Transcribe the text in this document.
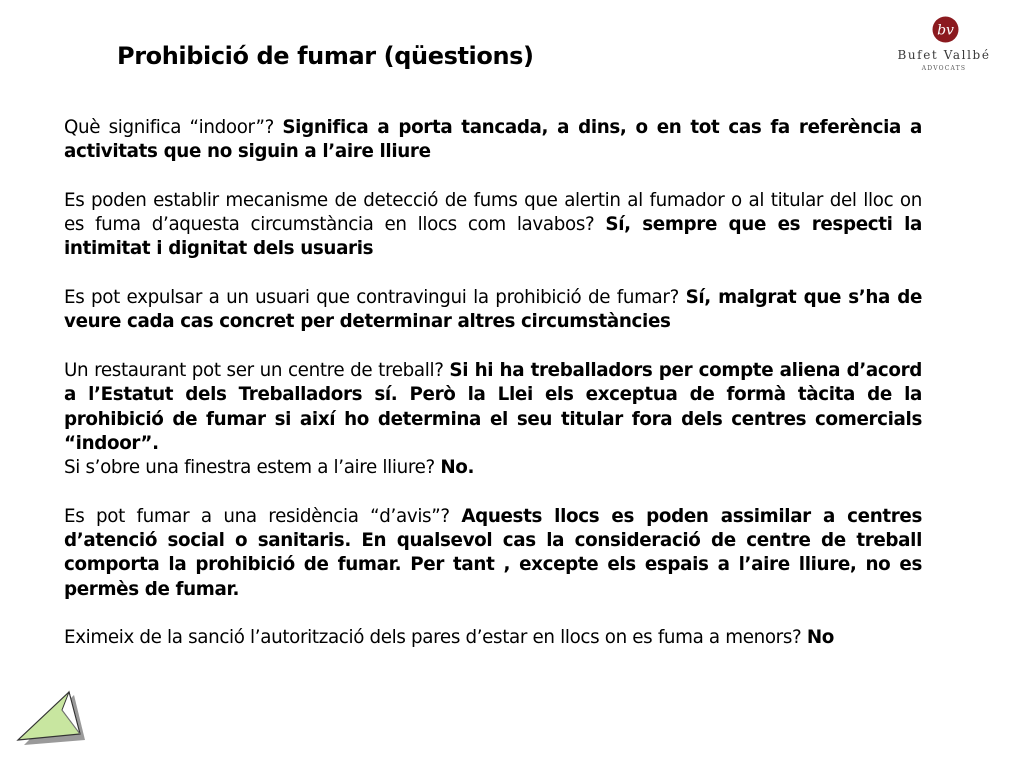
Prohibició de fumar (qüestions)
bv
Bufet Vallbé
ADVOCATS

Què significa “indoor”? Significa a porta tancada, a dins, o en tot cas fa referència a activitats que no siguin a l’aire lliure

Es poden establir mecanisme de detecció de fums que alertin al fumador o al titular del lloc on es fuma d’aquesta circumstància en llocs com lavabos? Sí, sempre que es respecti la intimitat i dignitat dels usuaris

Es pot expulsar a un usuari que contravingui la prohibició de fumar? Sí, malgrat que s’ha de veure cada cas concret per determinar altres circumstàncies

Un restaurant pot ser un centre de treball? Si hi ha treballadors per compte aliena d’acord a l’Estatut dels Treballadors sí. Però la Llei els exceptua de formà tàcita de la prohibició de fumar si així ho determina el seu titular fora dels centres comercials “indoor”.

Si s’obre una finestra estem a l’aire lliure? No.

Es pot fumar a una residència “d’avis”? Aquests llocs es poden assimilar a centres d’atenció social o sanitaris. En qualsevol cas la consideració de centre de treball comporta la prohibició de fumar. Per tant , excepte els espais a l’aire lliure, no es permès de fumar.

Eximeix de la sanció l’autorització dels pares d’estar en llocs on es fuma a menors? No
